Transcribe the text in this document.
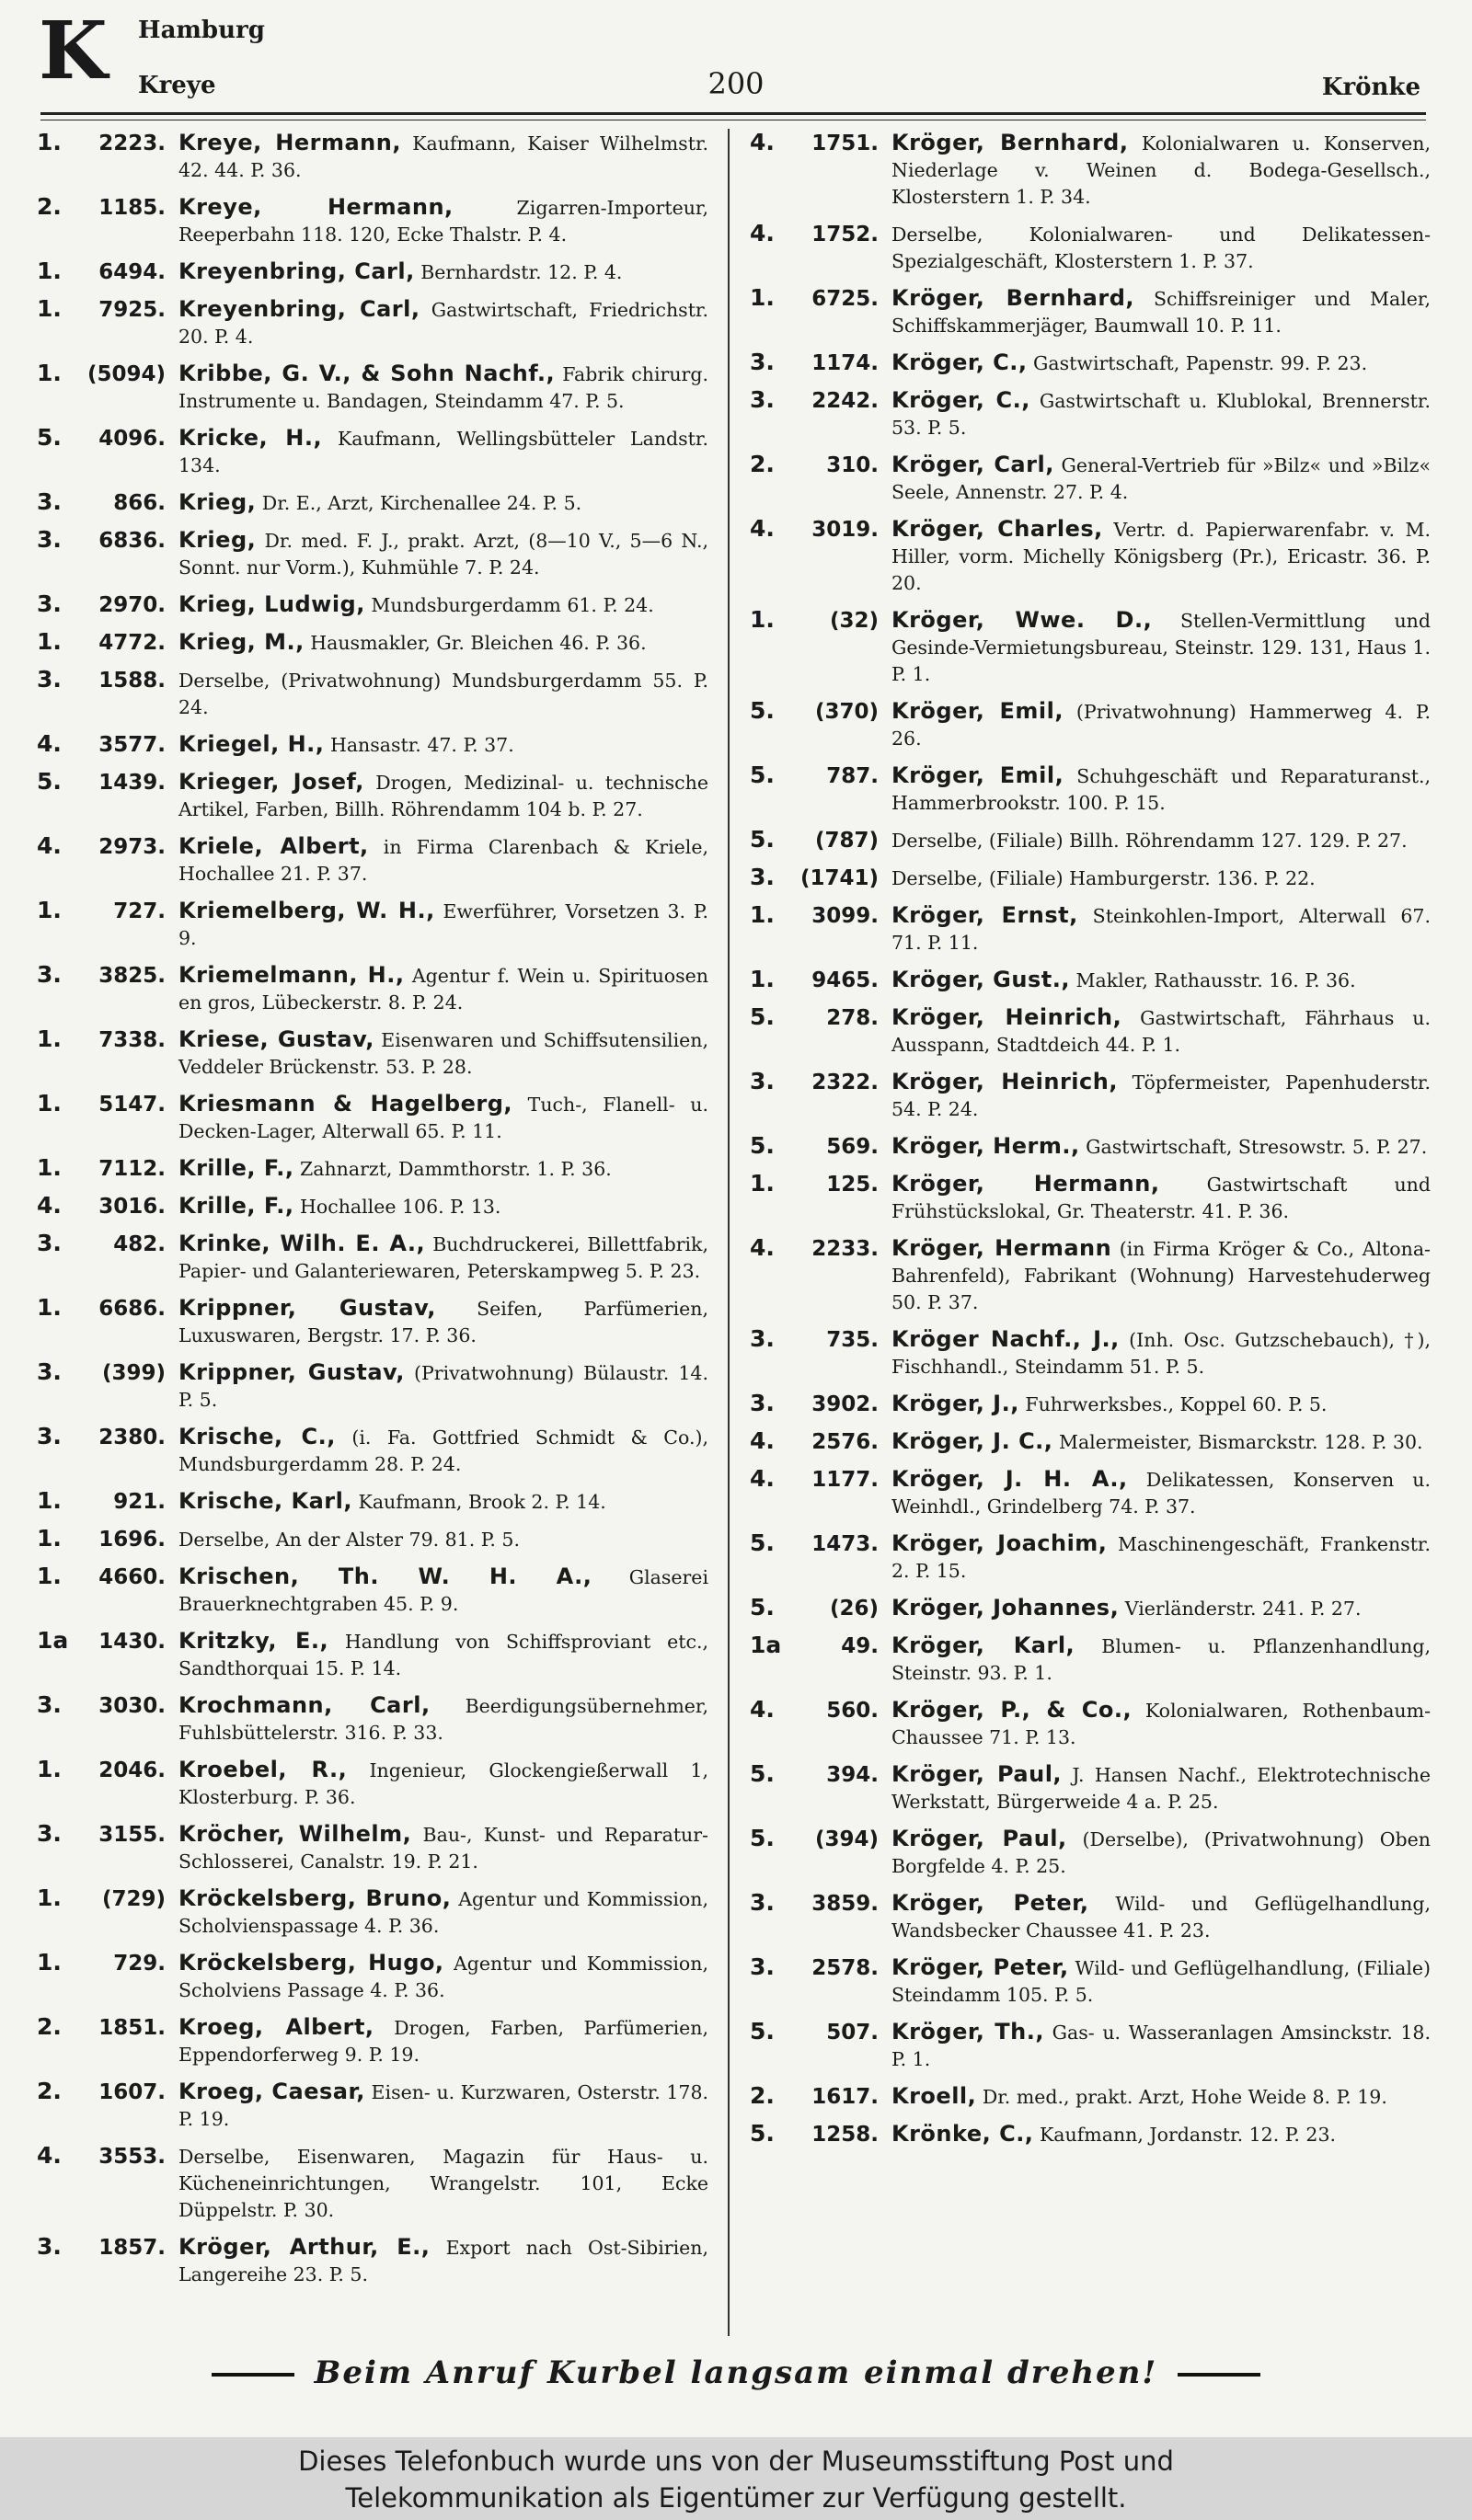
K Hamburg
Kreye	200	Krönke
1.	2223. Kreye, Hermann, Kaufmann, Kaiser Wilhelmstr. 42. 44. P. 36.
2.	1185. Kreye, Hermann,	Zigarren-Importeur, Reeperbahn 118. 120, Ecke Thalstr. P. 4.
1.	6494. Kreyenbring, Carl, Bernhardstr. 12. P. 4.
1.	7925. Kreyenbring, Carl, Gastwirtschaft, Friedrichstr. 20. P. 4.
1.	(5094) Kribbe, G. V., & Sohn Nachf., Fabrik chirurg. Instrumente u. Bandagen, Steindamm 47. P. 5.
5.	4096. Kricke, H., Kaufmann, Wellingsbütteler Landstr. 134.
3.	866. Krieg, Dr. E., Arzt, Kirchenallee 24. P. 5.
3.	6836. Krieg, Dr. med. F. J., prakt. Arzt, (8—10 V., 5—6 N., Sonnt. nur Vorm.), Kuhmühle 7. P. 24.
3.	2970. Krieg, Ludwig, Mundsburgerdamm 61. P. 24.
1.	4772. Krieg, M., Hausmakler, Gr. Bleichen 46. P. 36.
3.	1588. Derselbe, (Privatwohnung) Mundsburgerdamm 55. P. 24.
4.	3577. Kriegel, H., Hansastr. 47. P. 37.
5.	1439. Krieger, Josef, Drogen, Medizinal- u. technische Artikel, Farben, Billh. Röhrendamm 104 b. P. 27.
4.	2973. Kriele, Albert, in Firma Clarenbach & Kriele, Hochallee 21. P. 37.
1.	727. Kriemelberg, W. H., Ewerführer, Vorsetzen 3. P. 9.
3.	3825. Kriemelmann, H., Agentur f. Wein u. Spirituosen en gros, Lübeckerstr. 8. P. 24.
1.	7338. Kriese, Gustav, Eisenwaren und Schiffsutensilien, Veddeler Brückenstr. 53. P. 28.
1.	5147. Kriesmann & Hagelberg, Tuch-, Flanell- u. Decken-Lager, Alterwall 65. P. 11.
1.	7112. Krille, F., Zahnarzt, Dammthorstr. 1. P. 36.
4.	3016. Krille, F., Hochallee 106. P. 13.
3.	482. Krinke, Wilh. E. A., Buchdruckerei, Billettfabrik, Papier- und Galanteriewaren, Peterskampweg 5. P. 23.
1.	6686. Krippner, Gustav, Seifen, Parfümerien, Luxuswaren, Bergstr. 17. P. 36.
3.	(399) Krippner, Gustav, (Privatwohnung) Bülaustr. 14. P. 5.
3.	2380. Krische, C., (i. Fa. Gottfried Schmidt & Co.), Mundsburgerdamm 28. P. 24.
1.	921. Krische, Karl, Kaufmann, Brook 2. P. 14.
1.	1696. Derselbe, An der Alster 79. 81. P. 5.
1.	4660. Krischen, Th. W. H. A., Glaserei Brauerknechtgraben 45. P. 9.
1a	1430. Kritzky, E., Handlung von Schiffsproviant etc., Sandthorquai 15. P. 14.
3.	3030. Krochmann, Carl, Beerdigungsübernehmer, Fuhlsbüttelerstr. 316. P. 33.
1.	2046. Kroebel, R., Ingenieur, Glockengießerwall 1, Klosterburg. P. 36.
3.	3155. Kröcher, Wilhelm, Bau-, Kunst- und Reparatur-Schlosserei, Canalstr. 19. P. 21.
1.	(729) Kröckelsberg, Bruno, Agentur und Kommission, Scholvienspassage 4. P. 36.
1.	729. Kröckelsberg, Hugo, Agentur und Kommission, Scholviens Passage 4. P. 36.
2.	1851. Kroeg, Albert, Drogen, Farben, Parfümerien, Eppendorferweg 9. P. 19.
2.	1607. Kroeg, Caesar, Eisen- u. Kurzwaren, Osterstr. 178. P. 19.
4.	3553. Derselbe, Eisenwaren, Magazin für Haus- u. Kücheneinrichtungen, Wrangelstr. 101, Ecke Düppelstr. P. 30.
3.	1857. Kröger, Arthur, E., Export nach Ost-Sibirien, Langereihe 23. P. 5.
4.	1751. Kröger, Bernhard, Kolonialwaren u. Konserven, Niederlage v. Weinen d. Bodega-Gesellsch., Klosterstern 1. P. 34.
4.	1752. Derselbe, Kolonialwaren- und Delikatessen-Spezialgeschäft, Klosterstern 1. P. 37.
1.	6725. Kröger, Bernhard, Schiffsreiniger und Maler, Schiffskammerjäger, Baumwall 10. P. 11.
3.	1174. Kröger, C., Gastwirtschaft, Papenstr. 99. P. 23.
3.	2242. Kröger, C., Gastwirtschaft u. Klublokal, Brennerstr. 53. P. 5.
2.	310. Kröger, Carl, General-Vertrieb für »Bilz« und »Bilz« Seele, Annenstr. 27. P. 4.
4.	3019. Kröger, Charles, Vertr. d. Papierwarenfabr. v. M. Hiller, vorm. Michelly Königsberg (Pr.), Ericastr. 36. P. 20.
1.	(32) Kröger, Wwe. D., Stellen-Vermittlung und Gesinde-Vermietungsbureau, Steinstr. 129. 131, Haus 1. P. 1.
5.	(370) Kröger, Emil, (Privatwohnung) Hammerweg 4. P. 26.
5.	787. Kröger, Emil, Schuhgeschäft und Reparaturanst., Hammerbrookstr. 100. P. 15.
5.	(787) Derselbe, (Filiale) Billh. Röhrendamm 127. 129. P. 27.
3.	(1741) Derselbe, (Filiale) Hamburgerstr. 136. P. 22.
1.	3099. Kröger, Ernst, Steinkohlen-Import, Alterwall 67. 71. P. 11.
1.	9465. Kröger, Gust., Makler, Rathausstr. 16. P. 36.
5.	278. Kröger, Heinrich, Gastwirtschaft, Fährhaus u. Ausspann, Stadtdeich 44. P. 1.
3.	2322. Kröger, Heinrich, Töpfermeister, Papenhuderstr. 54. P. 24.
5.	569. Kröger, Herm., Gastwirtschaft, Stresowstr. 5. P. 27.
1.	125. Kröger, Hermann, Gastwirtschaft und Frühstückslokal, Gr. Theaterstr. 41. P. 36.
4.	2233. Kröger, Hermann (in Firma Kröger & Co., Altona-Bahrenfeld), Fabrikant (Wohnung) Harvestehuderweg 50. P. 37.
3.	735. Kröger Nachf., J., (Inh. Osc. Gutzschebauch), †), Fischhandl., Steindamm 51. P. 5.
3.	3902. Kröger, J., Fuhrwerksbes., Koppel 60. P. 5.
4.	2576. Kröger, J. C., Malermeister, Bismarckstr. 128. P. 30.
4.	1177. Kröger, J. H. A., Delikatessen, Konserven u. Weinhdl., Grindelberg 74. P. 37.
5.	1473. Kröger, Joachim, Maschinengeschäft, Frankenstr. 2. P. 15.
5.	(26) Kröger, Johannes, Vierländerstr. 241. P. 27.
1a	49. Kröger, Karl, Blumen- u. Pflanzenhandlung, Steinstr. 93. P. 1.
4.	560. Kröger, P., & Co., Kolonialwaren, Rothenbaum-Chaussee 71. P. 13.
5.	394. Kröger, Paul, J. Hansen Nachf., Elektrotechnische Werkstatt, Bürgerweide 4 a. P. 25.
5.	(394) Kröger, Paul, (Derselbe), (Privatwohnung) Oben Borgfelde 4. P. 25.
3.	3859. Kröger, Peter, Wild- und Geflügelhandlung, Wandsbecker Chaussee 41. P. 23.
3.	2578. Kröger, Peter, Wild- und Geflügelhandlung, (Filiale) Steindamm 105. P. 5.
5.	507. Kröger, Th., Gas- u. Wasseranlagen Amsinckstr. 18. P. 1.
2.	1617. Kroell, Dr. med., prakt. Arzt, Hohe Weide 8. P. 19.
5.	1258. Krönke, C., Kaufmann, Jordanstr. 12. P. 23.
Beim Anruf Kurbel langsam einmal drehen!
Dieses Telefonbuch wurde uns von der Museumsstiftung Post und
Telekommunikation als Eigentümer zur Verfügung gestellt.
